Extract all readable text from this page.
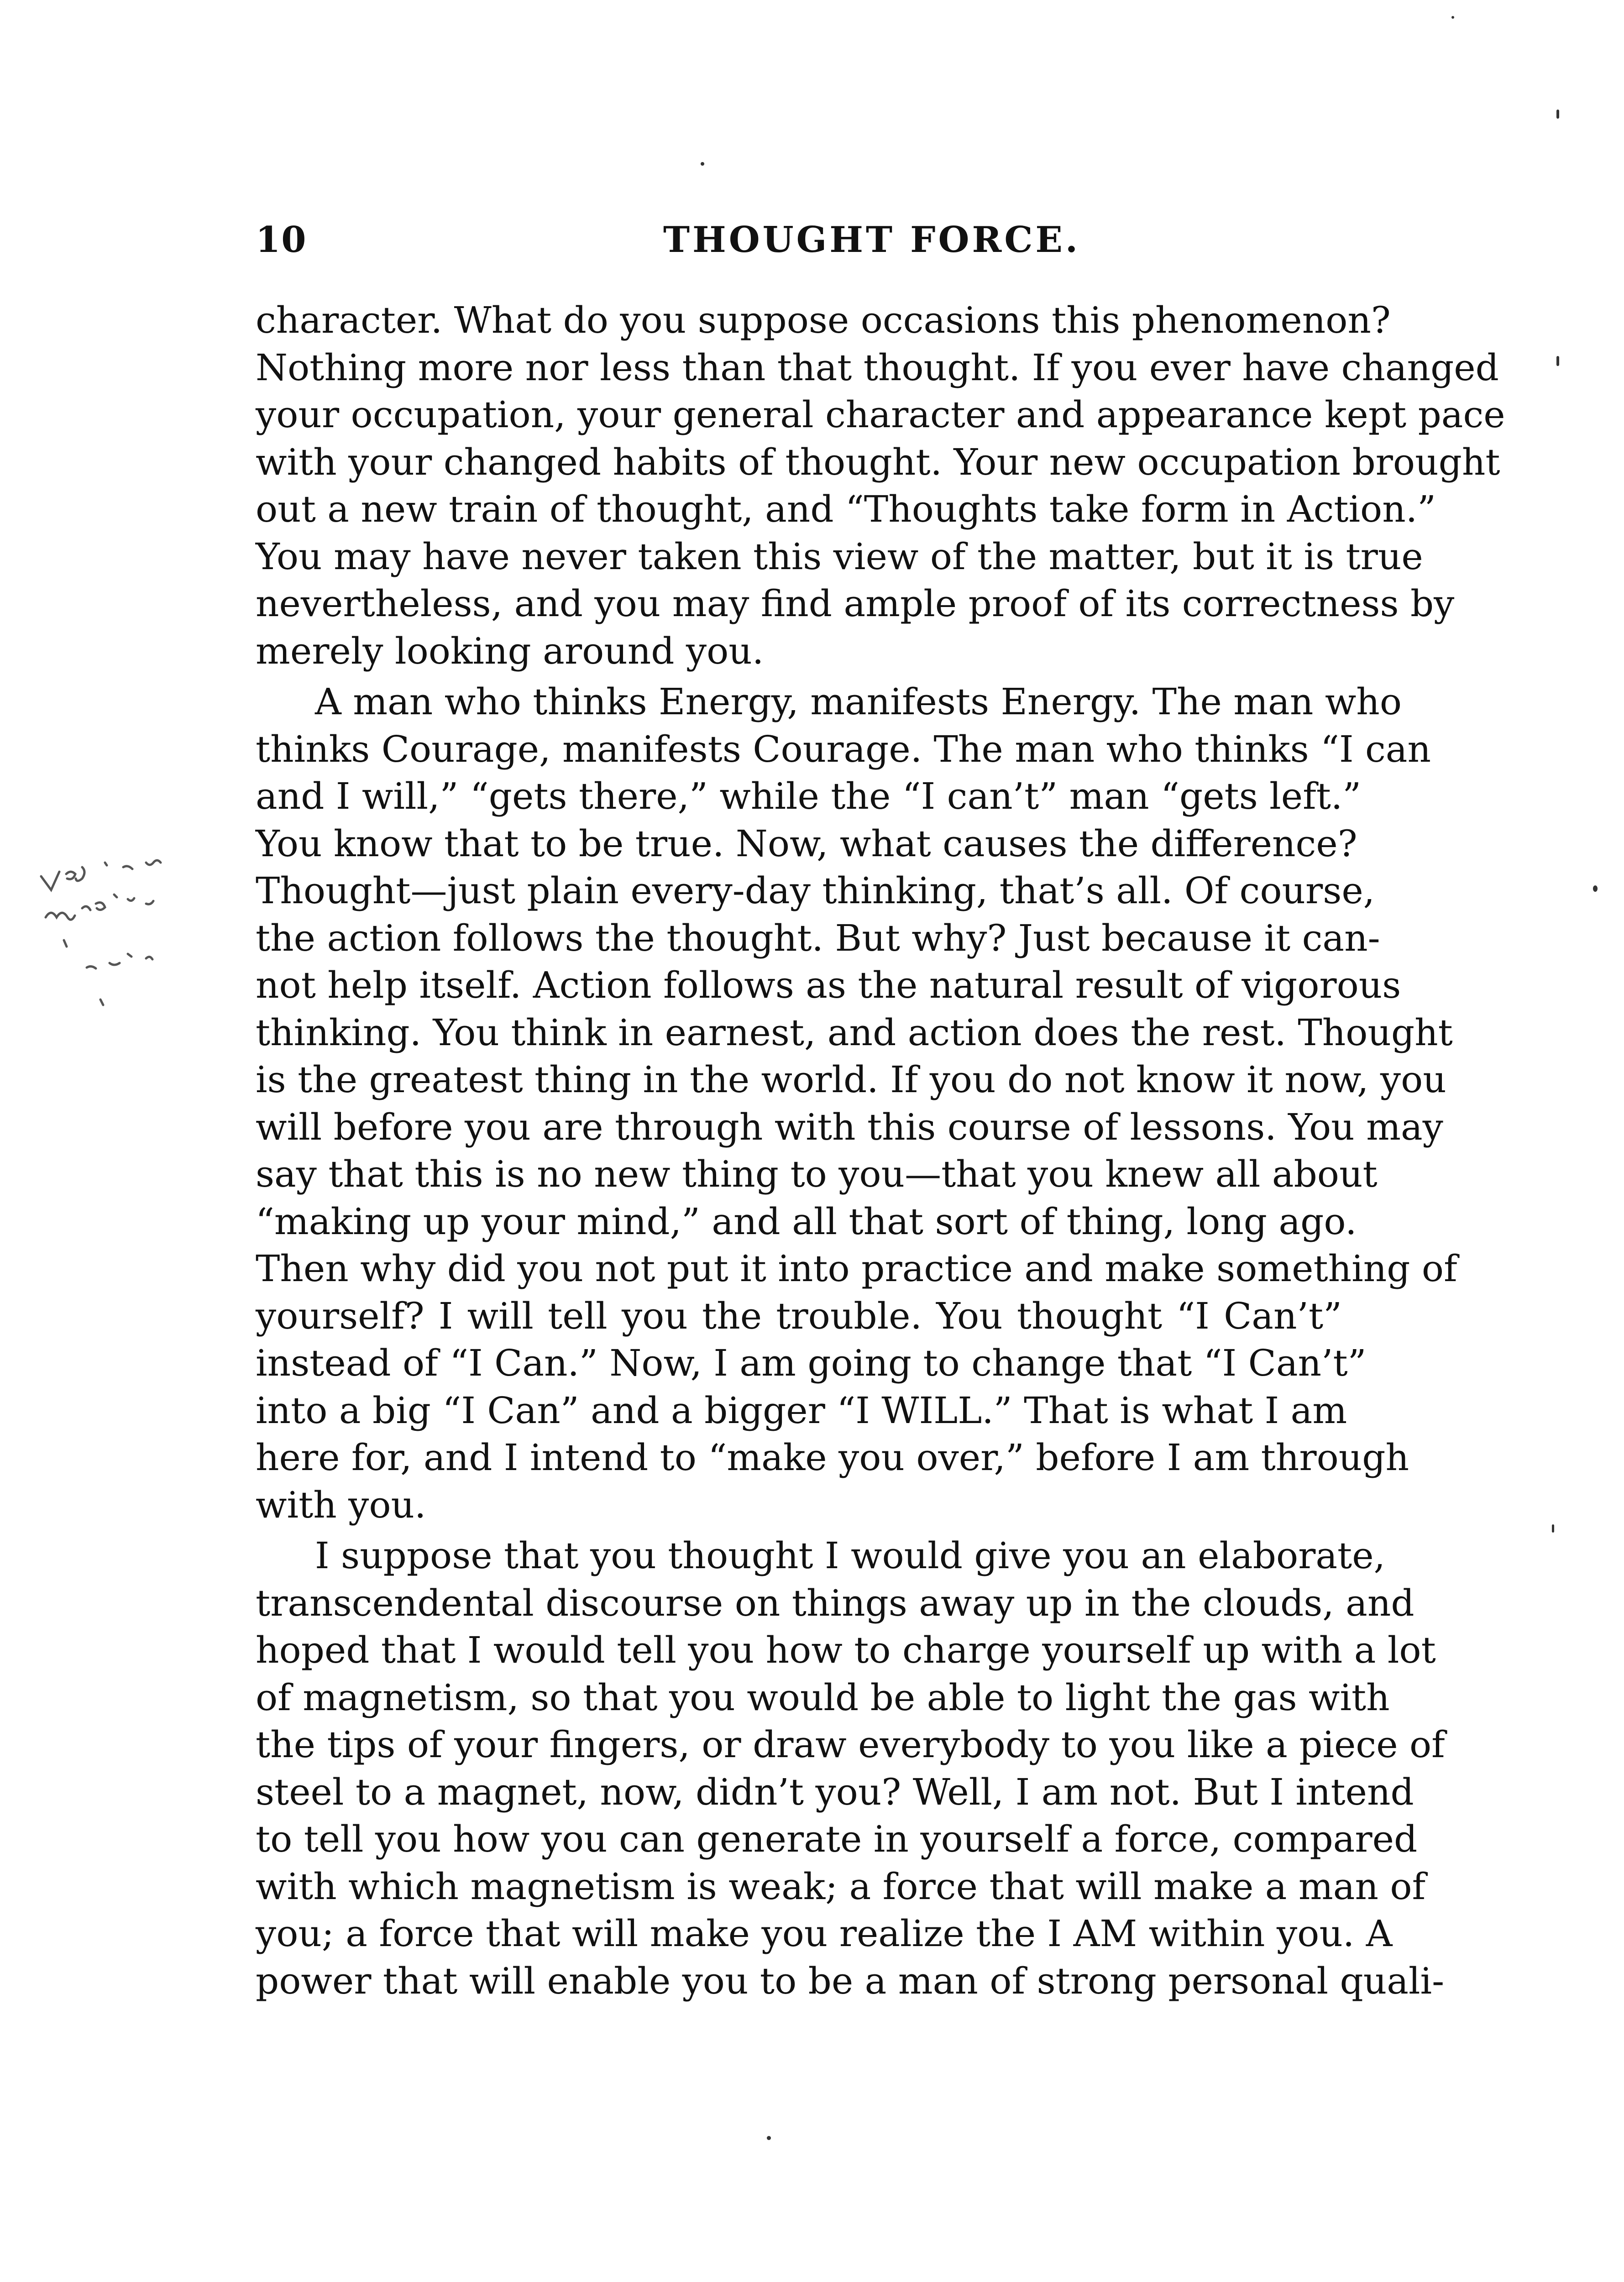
10	THOUGHT FORCE.
character. What do you suppose occasions this phenomenon?
Nothing more nor less than that thought. If you ever have changed
your occupation, your general character and appearance kept pace
with your changed habits of thought. Your new occupation brought
out a new train of thought, and “Thoughts take form in Action.”
You may have never taken this view of the matter, but it is true
nevertheless, and you may find ample proof of its correctness by
merely looking around you.
A man who thinks Energy, manifests Energy. The man who
thinks Courage, manifests Courage. The man who thinks “I can
and I will,” “gets there,” while the “I can’t” man “gets left.”
You know that to be true. Now, what causes the difference?
Thought—just plain every-day thinking, that’s all. Of course,
the action follows the thought. But why? Just because it can-
not help itself. Action follows as the natural result of vigorous
thinking. You think in earnest, and action does the rest. Thought
is the greatest thing in the world. If you do not know it now, you
will before you are through with this course of lessons. You may
say that this is no new thing to you—that you knew all about
“making up your mind,” and all that sort of thing, long ago.
Then why did you not put it into practice and make something of
yourself? I will tell you the trouble. You thought “I Can’t”
instead of “I Can.” Now, I am going to change that “I Can’t”
into a big “I Can” and a bigger “I WILL.” That is what I am
here for, and I intend to “make you over,” before I am through
with you.
I suppose that you thought I would give you an elaborate,
transcendental discourse on things away up in the clouds, and
hoped that I would tell you how to charge yourself up with a lot
of magnetism, so that you would be able to light the gas with
the tips of your fingers, or draw everybody to you like a piece of
steel to a magnet, now, didn’t you? Well, I am not. But I intend
to tell you how you can generate in yourself a force, compared
with which magnetism is weak; a force that will make a man of
you; a force that will make you realize the I AM within you. A
power that will enable you to be a man of strong personal quali-
